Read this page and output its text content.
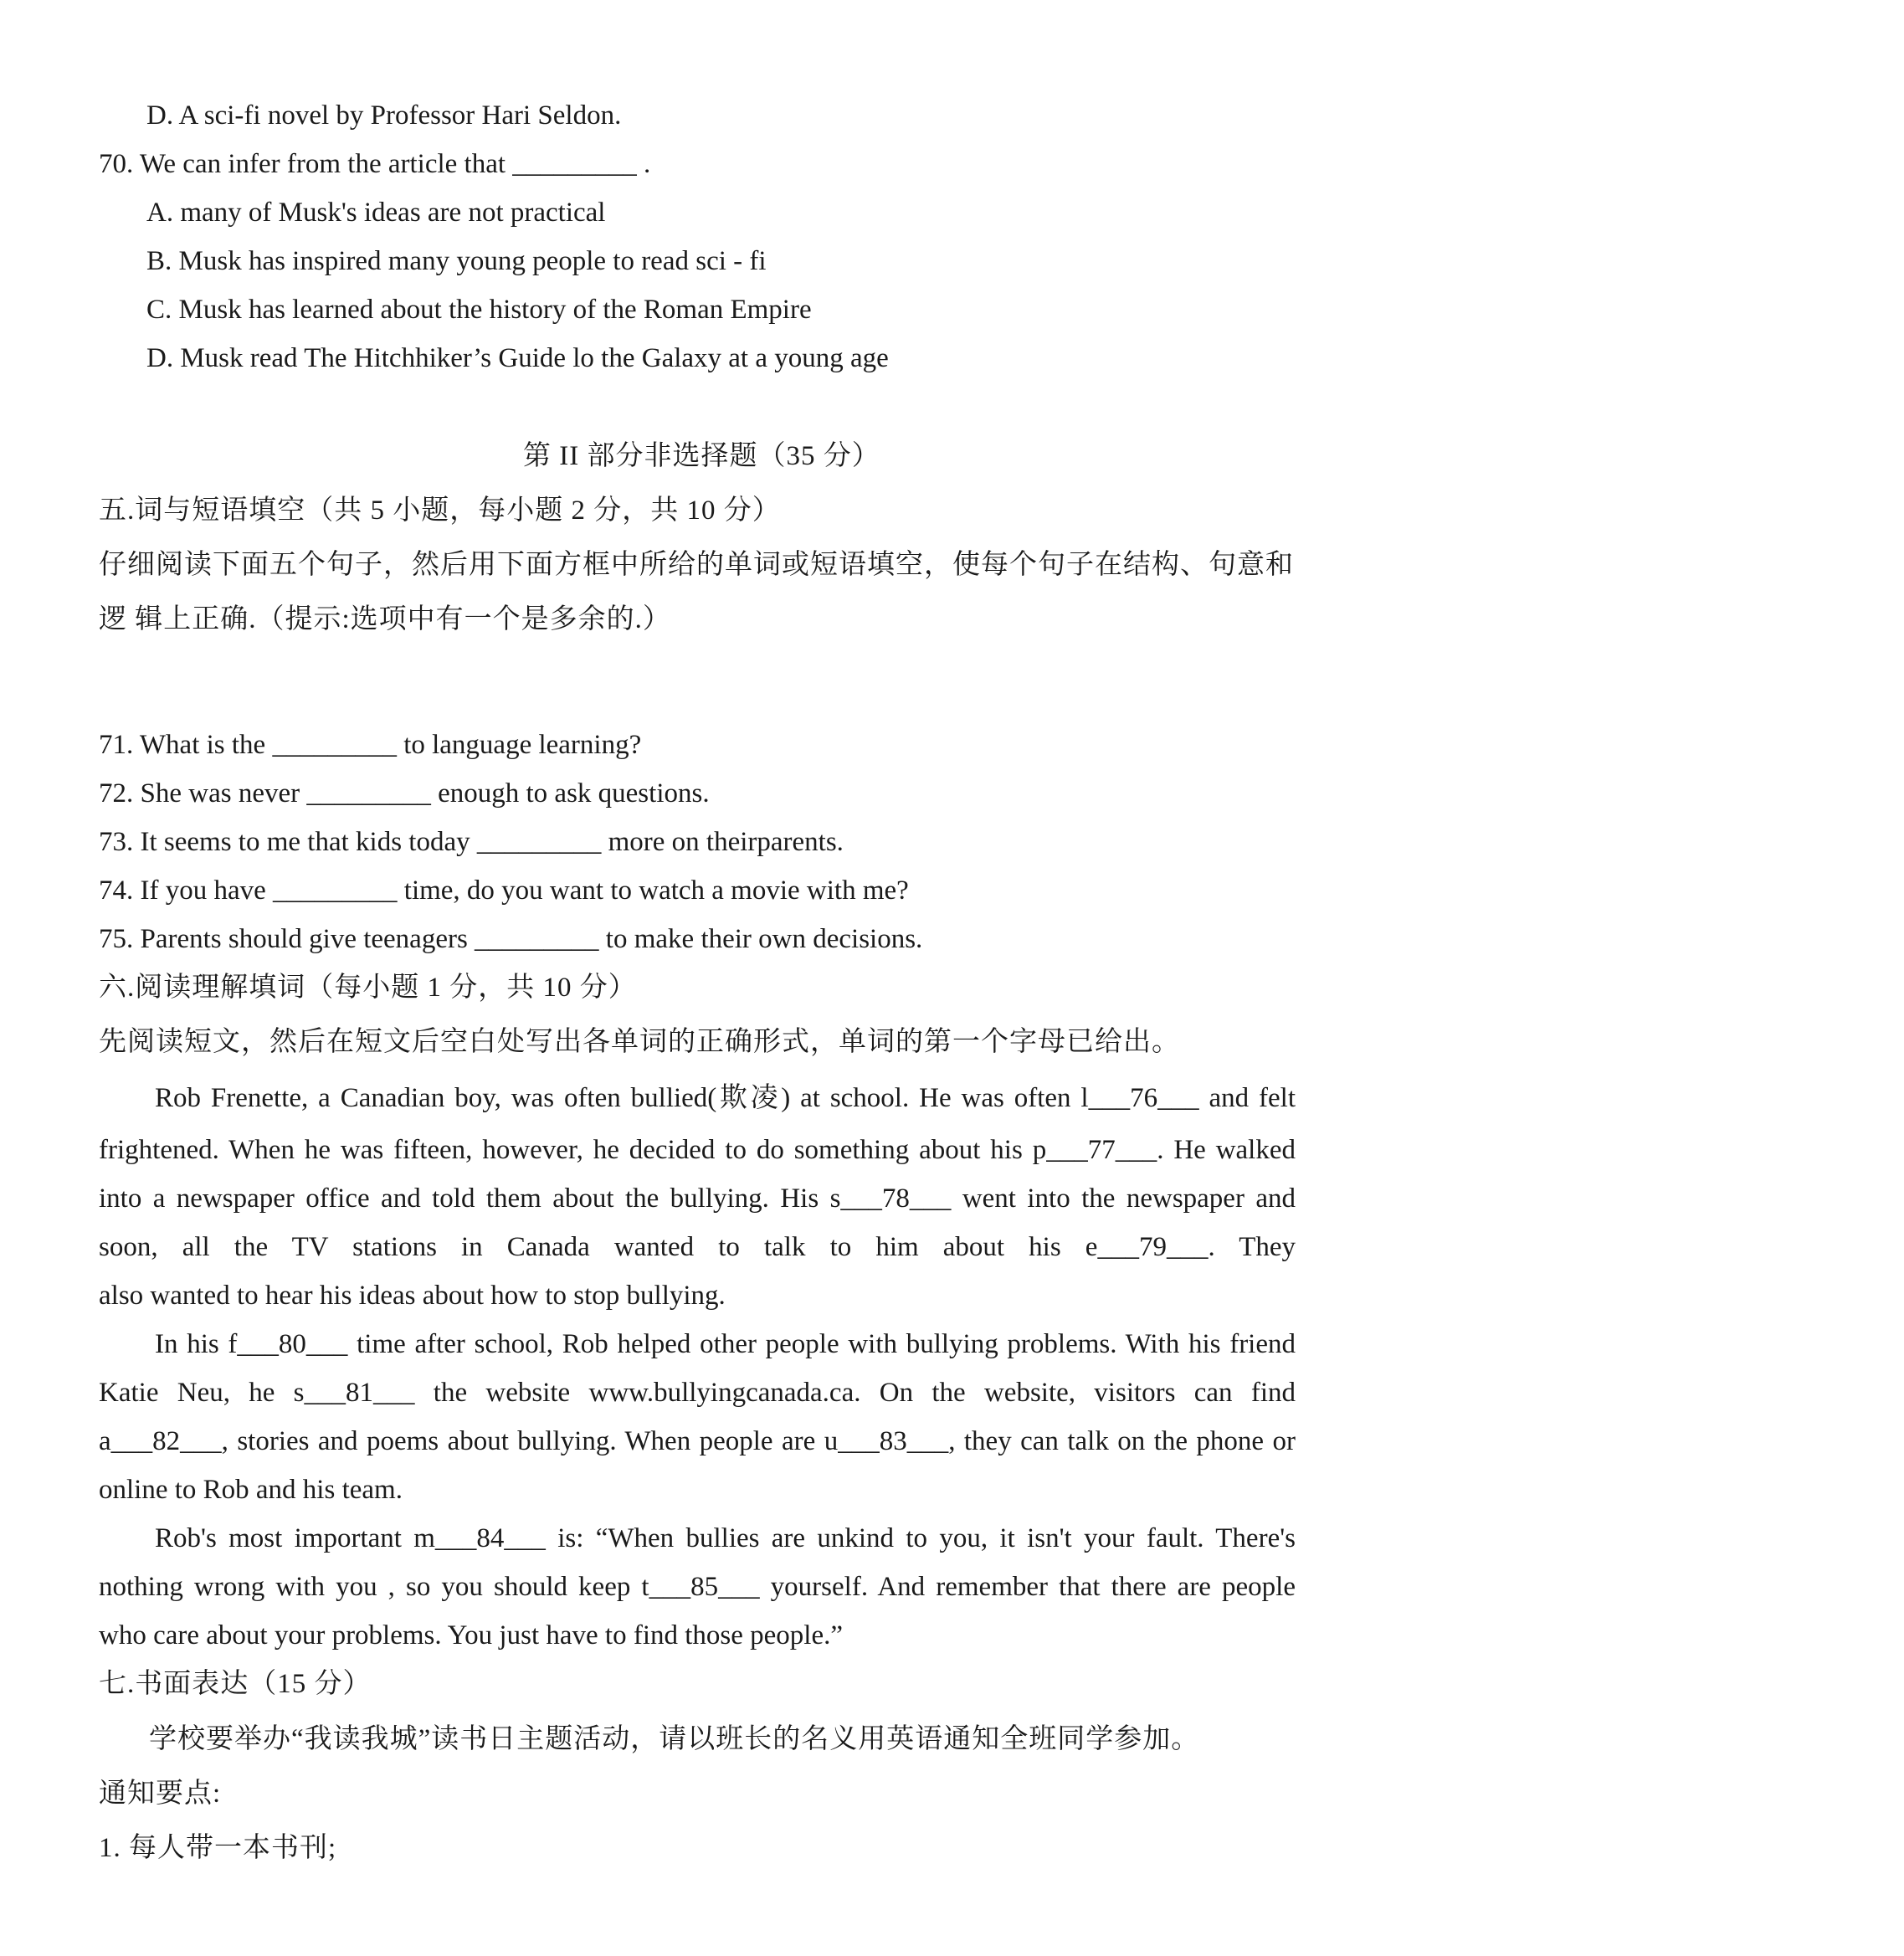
D. A sci-fi novel by Professor Hari Seldon.
70. We can infer from the article that _________ .
A. many of Musk's ideas are not practical
B. Musk has inspired many young people to read sci - fi
C. Musk has learned about the history of the Roman Empire
D. Musk read The Hitchhiker’s Guide lo the Galaxy at a young age
第 II 部分非选择题（35 分）
五.词与短语填空（共 5 小题，每小题 2 分，共 10 分）
仔细阅读下面五个句子，然后用下面方框中所给的单词或短语填空，使每个句子在结构、句意和
逻 辑上正确.（提示:选项中有一个是多余的.）
71. What is the _________ to language learning?
72. She was never _________ enough to ask questions.
73. It seems to me that kids today _________ more on theirparents.
74. If you have _________ time, do you want to watch a movie with me?
75. Parents should give teenagers _________ to make their own decisions.
六.阅读理解填词（每小题 1 分，共 10 分）
先阅读短文，然后在短文后空白处写出各单词的正确形式，单词的第一个字母已给出。
Rob Frenette, a Canadian boy, was often bullied(欺凌) at school. He was often l___76___ and felt
frightened. When he was fifteen, however, he decided to do something about his p___77___. He walked
into a newspaper office and told them about the bullying. His s___78___ went into the newspaper and
soon, all the TV stations in Canada wanted to talk to him about his e___79___. They
also wanted to hear his ideas about how to stop bullying.
In his f___80___ time after school, Rob helped other people with bullying problems. With his friend
Katie Neu, he s___81___ the website www.bullyingcanada.ca. On the website, visitors can find
a___82___, stories and poems about bullying. When people are u___83___, they can talk on the phone or
online to Rob and his team.
Rob's most important m___84___ is: “When bullies are unkind to you, it isn't your fault. There's
nothing wrong with you , so you should keep t___85___ yourself. And remember that there are people
who care about your problems. You just have to find those people.”
七.书面表达（15 分）
学校要举办“我读我城”读书日主题活动，请以班长的名义用英语通知全班同学参加。
通知要点:
1. 每人带一本书刊;
